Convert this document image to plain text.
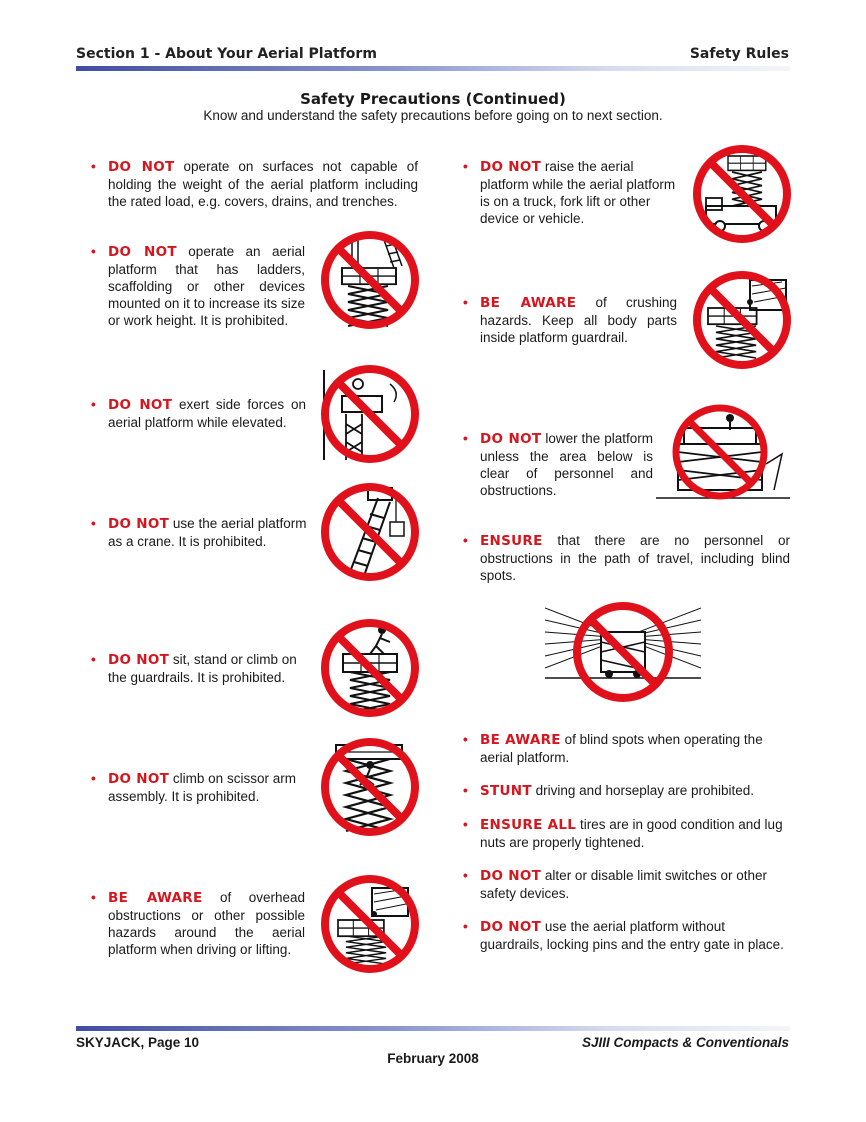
Section 1 - About Your Aerial Platform	Safety Rules
Safety Precautions (Continued)
Know and understand the safety precautions before going on to next section.
• DO NOT operate on surfaces not capable of holding the weight of the aerial platform including the rated load, e.g. covers, drains, and trenches.
• DO NOT operate an aerial platform that has ladders, scaffolding or other devices mounted on it to increase its size or work height. It is prohibited.
• DO NOT exert side forces on aerial platform while elevated.
• DO NOT use the aerial platform as a crane. It is prohibited.
• DO NOT sit, stand or climb on the guardrails. It is prohibited.
• DO NOT climb on scissor arm assembly. It is prohibited.
• BE AWARE of overhead obstructions or other possible hazards around the aerial platform when driving or lifting.
• DO NOT raise the aerial platform while the aerial platform is on a truck, fork lift or other device or vehicle.
• BE AWARE of crushing hazards. Keep all body parts inside platform guardrail.
• DO NOT lower the platform unless the area below is clear of personnel and obstructions.
• ENSURE that there are no personnel or obstructions in the path of travel, including blind spots.
• BE AWARE of blind spots when operating the aerial platform.
• STUNT driving and horseplay are prohibited.
• ENSURE ALL tires are in good condition and lug nuts are properly tightened.
• DO NOT alter or disable limit switches or other safety devices.
• DO NOT use the aerial platform without guardrails, locking pins and the entry gate in place.
SKYJACK, Page 10	SJIII Compacts & Conventionals
February 2008
